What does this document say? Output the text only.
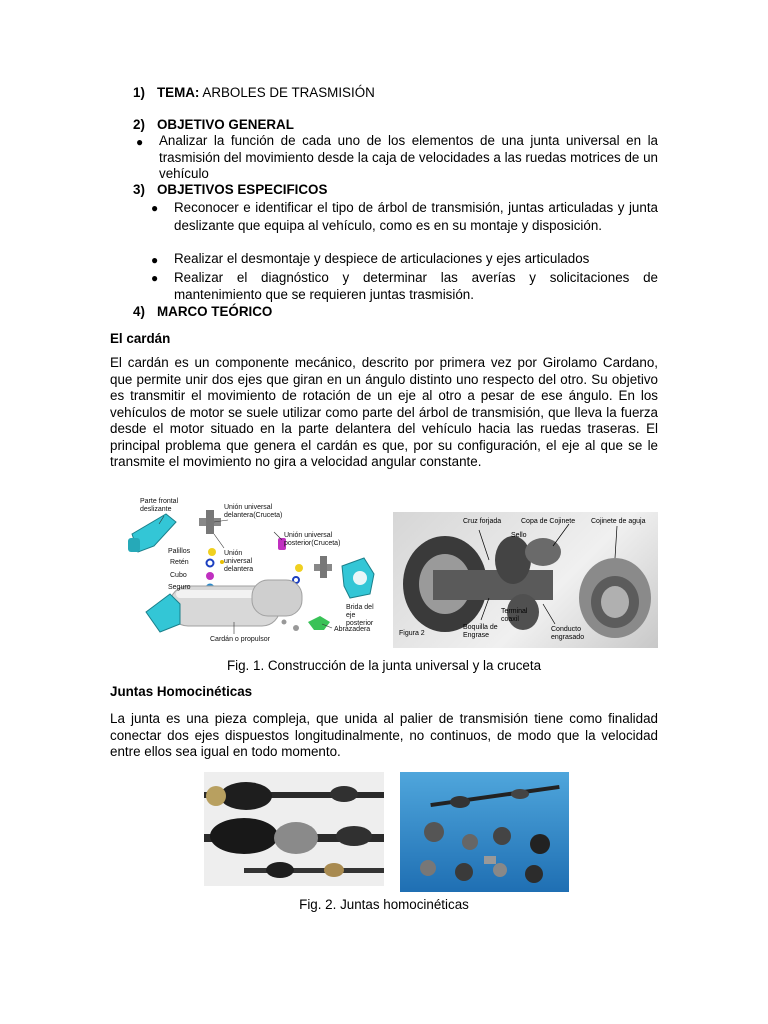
1) TEMA: ARBOLES DE TRASMISIÓN
2) OBJETIVO GENERAL
● Analizar la función de cada uno de los elementos de una junta universal en la trasmisión del movimiento desde la caja de velocidades a las ruedas motrices de un vehículo
3) OBJETIVOS ESPECIFICOS
● Reconocer e identificar el tipo de árbol de transmisión, juntas articuladas y junta deslizante que equipa al vehículo, como es en su montaje y disposición.
● Realizar el desmontaje y despiece de articulaciones y ejes articulados
● Realizar el diagnóstico y determinar las averías y solicitaciones de mantenimiento que se requieren juntas trasmisión.
4) MARCO TEÓRICO
El cardán
El cardán es un componente mecánico, descrito por primera vez por Girolamo Cardano, que permite unir dos ejes que giran en un ángulo distinto uno respecto del otro. Su objetivo es transmitir el movimiento de rotación de un eje al otro a pesar de ese ángulo. En los vehículos de motor se suele utilizar como parte del árbol de transmisión, que lleva la fuerza desde el motor situado en la parte delantera del vehículo hacia las ruedas traseras. El principal problema que genera el cardán es que, por su configuración, el eje al que se le transmite el movimiento no gira a velocidad angular constante.
Parte frontal deslizante	Unión universal delantera(Cruceta)
Unión universal posterior(Cruceta)
Unión universal delantera
Palillos
Retén
Cubo
Seguro
Brida del eje posterior
Abrazadera
Cardán o propulsor
Cruz forjada
Sello
Copa de Cojinete Cojinete de aguja
Figura 2
Boquilla de Engrase
Terminal coaxil
Conducto engrasado
Fig. 1. Construcción de la junta universal y la cruceta
Juntas Homocinéticas
La junta es una pieza compleja, que unida al palier de transmisión tiene como finalidad conectar dos ejes dispuestos longitudinalmente, no continuos, de modo que la velocidad entre ellos sea igual en todo momento.
Fig. 2. Juntas homocinéticas
